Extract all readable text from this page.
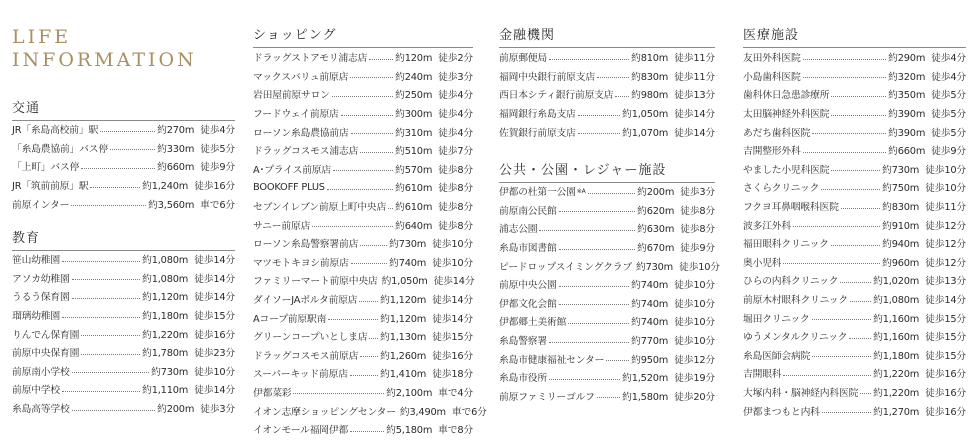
LIFE
INFORMATION
交通
JR「糸島高校前」駅	約270m 徒歩4分
「糸島農協前」バス停	約330m 徒歩5分
「上町」バス停	約660m 徒歩9分
JR「筑前前原」駅	約1,240m 徒歩16分
前原インター	約3,560m 車で6分
教育
笹山幼稚園	約1,080m 徒歩14分
アソカ幼稚園	約1,080m 徒歩14分
うるう保育園	約1,120m 徒歩14分
瑠璃幼稚園	約1,180m 徒歩15分
りんでん保育園	約1,220m 徒歩16分
前原中央保育園	約1,780m 徒歩23分
前原南小学校	約730m 徒歩10分
前原中学校	約1,110m 徒歩14分
糸島高等学校	約200m 徒歩3分
ショッピング
ドラッグストアモリ浦志店	約120m 徒歩2分
マックスバリュ前原店	約240m 徒歩3分
岩田屋前原サロン	約250m 徒歩4分
フードウェイ前原店	約300m 徒歩4分
ローソン糸島農協前店	約310m 徒歩4分
ドラッグコスモス浦志店	約510m 徒歩7分
A･プライス前原店	約570m 徒歩8分
BOOKOFF PLUS	約610m 徒歩8分
セブンイレブン前原上町中央店 約610m 徒歩8分
サニー前原店	約640m 徒歩8分
ローソン糸島警察署前店	約730m 徒歩10分
マツモトキヨシ前原店	約740m 徒歩10分
ファミリーマート前原中央店 約1,050m 徒歩14分
ダイソーJAボルタ前原店 約1,120m 徒歩14分
Aコープ前原駅南	約1,120m 徒歩14分
グリーンコープいとしま店 約1,130m 徒歩15分
ドラッグコスモス前原店 約1,260m 徒歩16分
スーパーキッド前原店	約1,410m 徒歩18分
伊都菜彩	約2,100m 車で4分
イオン志摩ショッピングセンター 約3,490m 車で6分
イオンモール福岡伊都	約5,180m 車で8分
金融機関
前原郵便局	約810m 徒歩11分
福岡中央銀行前原支店	約830m 徒歩11分
西日本シティ銀行前原支店 約980m 徒歩13分
福岡銀行糸島支店	約1,050m 徒歩14分
佐賀銀行前原支店	約1,070m 徒歩14分
公共・公園・レジャー施設
伊都の杜第一公園 ※A	約200m 徒歩3分
前原南公民館	約620m 徒歩8分
浦志公園	約630m 徒歩8分
糸島市図書館	約670m 徒歩9分
ピードロップスイミングクラブ 約730m 徒歩10分
前原中央公園	約740m 徒歩10分
伊都文化会館	約740m 徒歩10分
伊都郷土美術館	約740m 徒歩10分
糸島警察署	約770m 徒歩10分
糸島市健康福祉センター	約950m 徒歩12分
糸島市役所	約1,520m 徒歩19分
前原ファミリーゴルフ	約1,580m 徒歩20分
医療施設
友田外科医院	約290m 徒歩4分
小島歯科医院	約320m 徒歩4分
歯科休日急患診療所	約350m 徒歩5分
太田脳神経外科医院	約390m 徒歩5分
あだち歯科医院	約390m 徒歩5分
吉開整形外科	約660m 徒歩9分
やました小児科医院	約730m 徒歩10分
さくらクリニック	約750m 徒歩10分
フクヨ耳鼻咽喉科医院	約830m 徒歩11分
波多江外科	約910m 徒歩12分
福田眼科クリニック	約940m 徒歩12分
奥小児科	約960m 徒歩12分
ひらの内科クリニック	約1,020m 徒歩13分
前原木村眼科クリニック	約1,080m 徒歩14分
堀田クリニック	約1,160m 徒歩15分
ゆうメンタルクリニック	約1,160m 徒歩15分
糸島医師会病院	約1,180m 徒歩15分
吉開眼科	約1,220m 徒歩16分
大塚内科・脳神経内科医院 約1,220m 徒歩16分
伊都まつもと内科	約1,270m 徒歩16分
